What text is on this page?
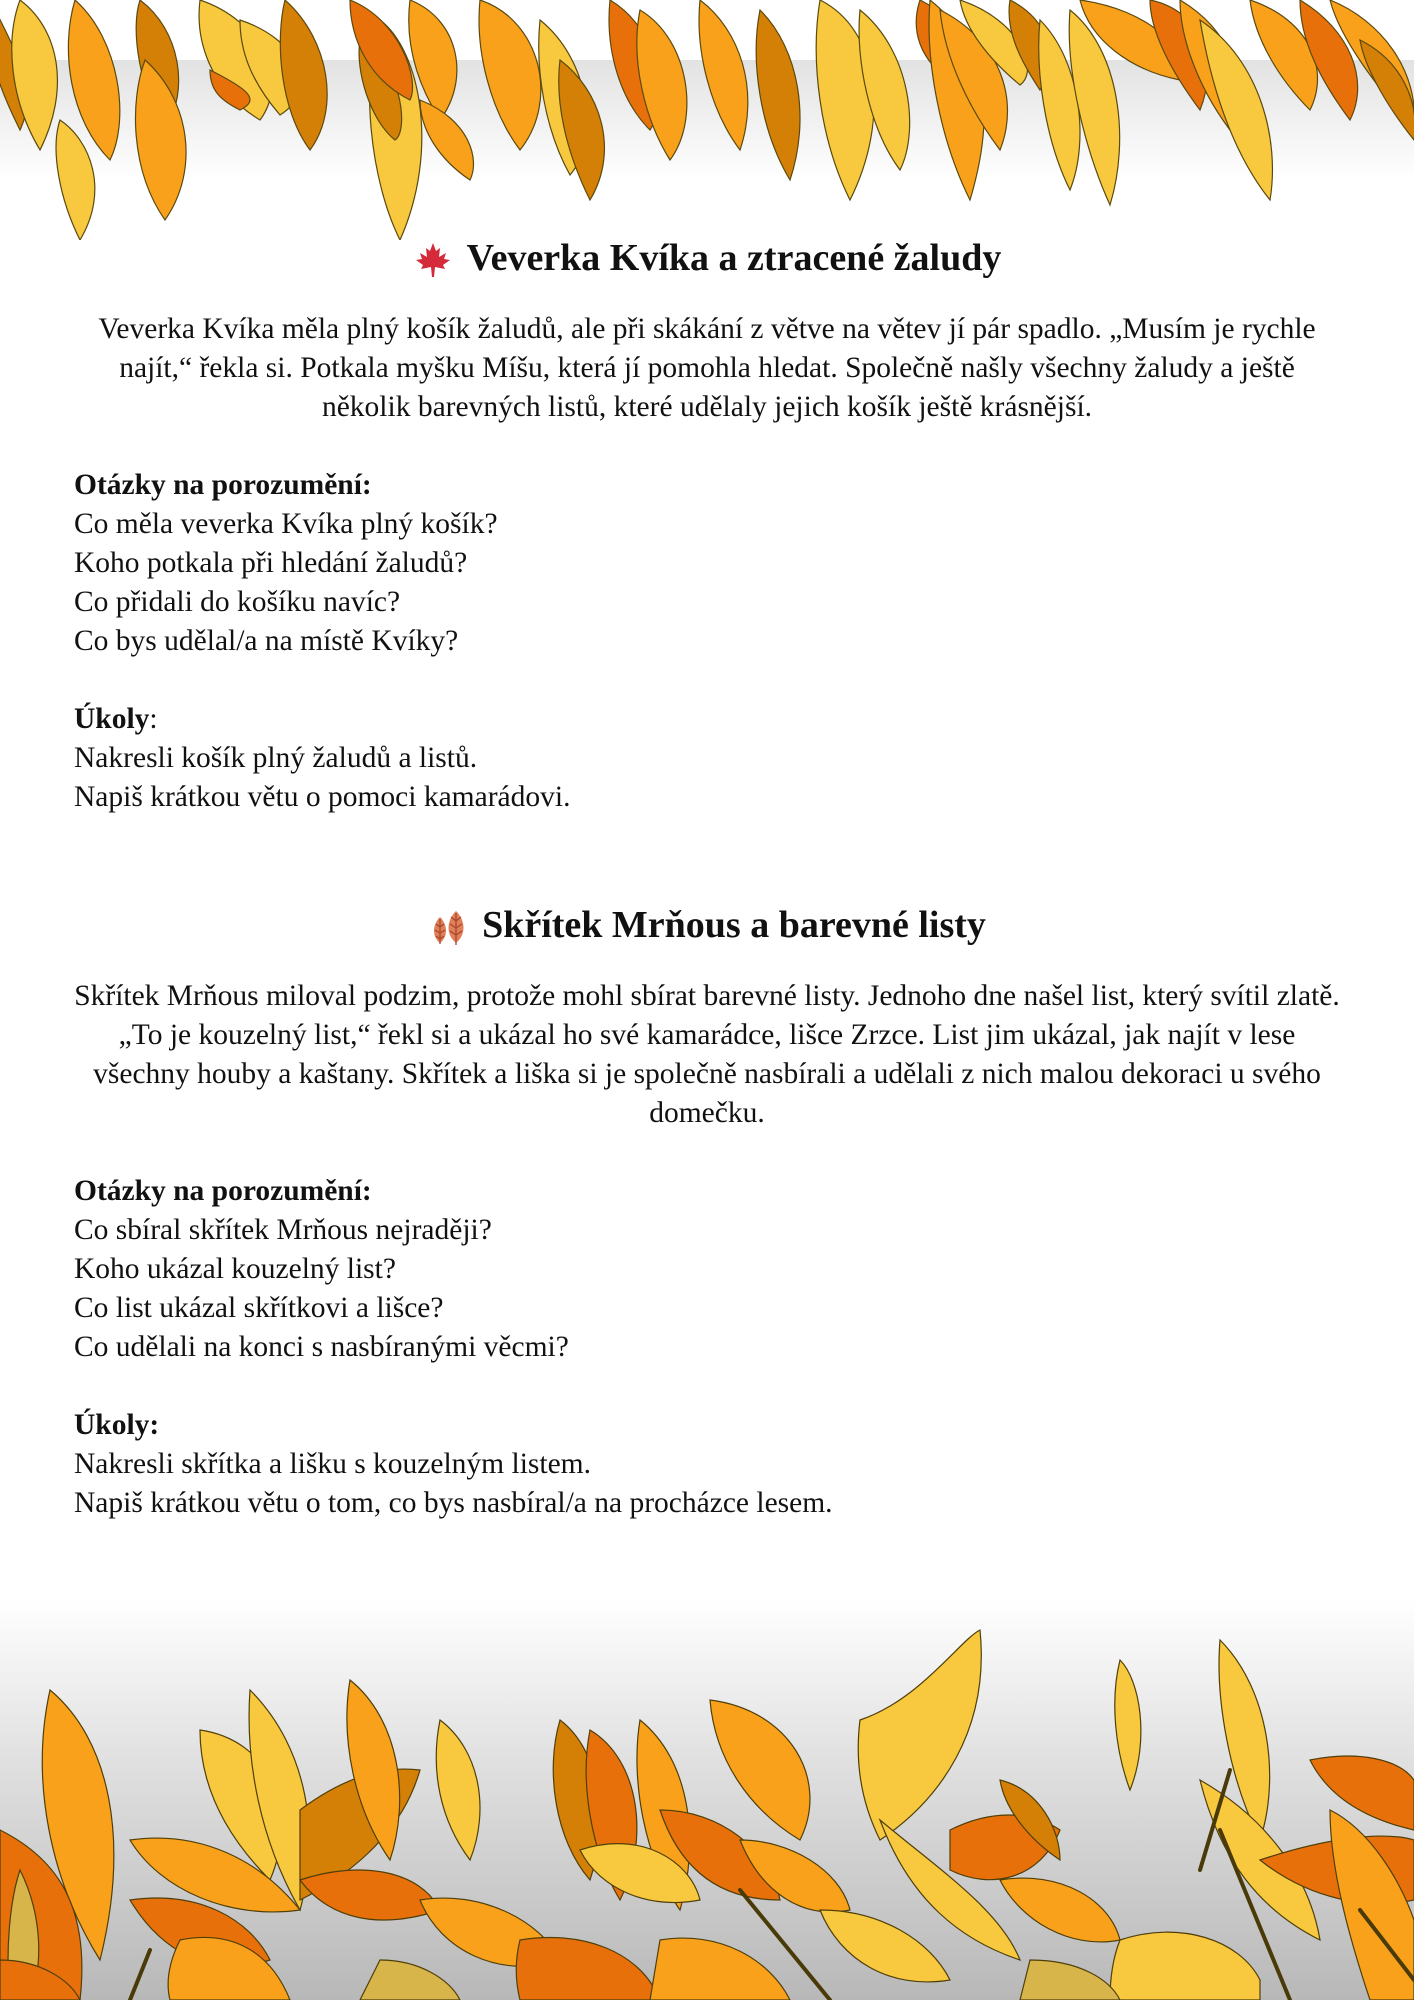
Veverka Kvíka a ztracené žaludy

Veverka Kvíka měla plný košík žaludů, ale při skákání z větve na větev jí pár spadlo. „Musím je rychle najít,“ řekla si. Potkala myšku Míšu, která jí pomohla hledat. Společně našly všechny žaludy a ještě několik barevných listů, které udělaly jejich košík ještě krásnější.

Otázky na porozumění:
Co měla veverka Kvíka plný košík?
Koho potkala při hledání žaludů?
Co přidali do košíku navíc?
Co bys udělal/a na místě Kvíky?
Úkoly:
Nakresli košík plný žaludů a listů.
Napiš krátkou větu o pomoci kamarádovi.
Skřítek Mrňous a barevné listy

Skřítek Mrňous miloval podzim, protože mohl sbírat barevné listy. Jednoho dne našel list, který svítil zlatě. „To je kouzelný list,“ řekl si a ukázal ho své kamarádce, lišce Zrzce. List jim ukázal, jak najít v lese všechny houby a kaštany. Skřítek a liška si je společně nasbírali a udělali z nich malou dekoraci u svého domečku.

Otázky na porozumění:
Co sbíral skřítek Mrňous nejraději?
Koho ukázal kouzelný list?
Co list ukázal skřítkovi a lišce?
Co udělali na konci s nasbíranými věcmi?
Úkoly:
Nakresli skřítka a lišku s kouzelným listem.
Napiš krátkou větu o tom, co bys nasbíral/a na procházce lesem.
